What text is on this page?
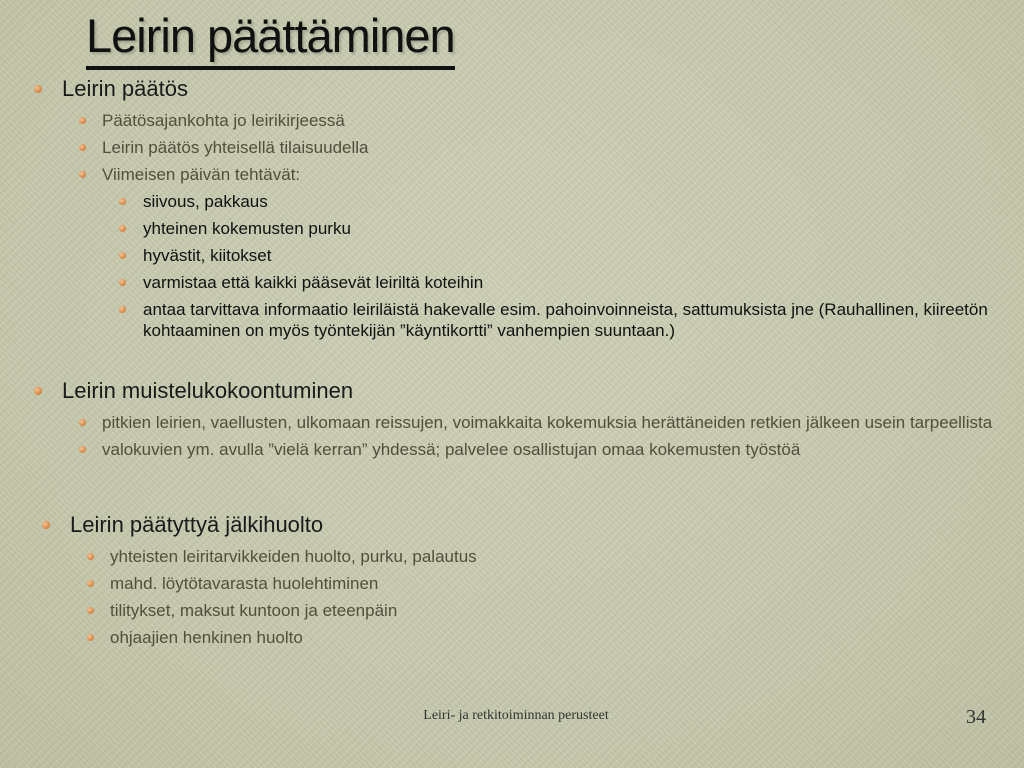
Leirin päättäminen
Leirin päätös
Päätösajankohta jo leirikirjeessä
Leirin päätös yhteisellä tilaisuudella
Viimeisen päivän tehtävät:
siivous, pakkaus
yhteinen kokemusten purku
hyvästit, kiitokset
varmistaa että kaikki pääsevät leiriltä koteihin
antaa tarvittava informaatio leiriläistä hakevalle esim. pahoinvoinneista, sattumuksista jne (Rauhallinen, kiireetön kohtaaminen on myös työntekijän ”käyntikortti” vanhempien suuntaan.)
Leirin muistelukokoontuminen
pitkien leirien, vaellusten, ulkomaan reissujen, voimakkaita kokemuksia herättäneiden retkien jälkeen usein tarpeellista
valokuvien ym. avulla ”vielä kerran” yhdessä; palvelee osallistujan omaa kokemusten työstöä
Leirin päätyttyä jälkihuolto
yhteisten leiritarvikkeiden huolto, purku, palautus
mahd. löytötavarasta huolehtiminen
tilitykset, maksut kuntoon ja eteenpäin
ohjaajien henkinen huolto
Leiri- ja retkitoiminnan perusteet	34
